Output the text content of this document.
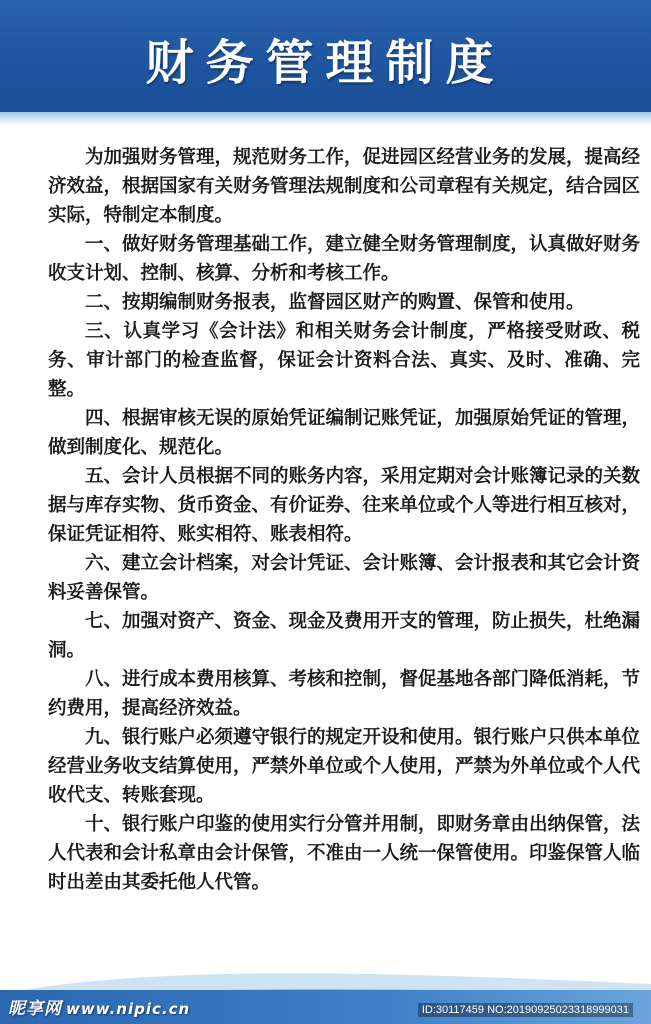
财务管理制度

为加强财务管理，规范财务工作，促进园区经营业务的发展，提高经济效益，根据国家有关财务管理法规制度和公司章程有关规定，结合园区实际，特制定本制度。

一、做好财务管理基础工作，建立健全财务管理制度，认真做好财务收支计划、控制、核算、分析和考核工作。

二、按期编制财务报表，监督园区财产的购置、保管和使用。

三、认真学习《会计法》和相关财务会计制度，严格接受财政、税务、审计部门的检查监督，保证会计资料合法、真实、及时、准确、完整。

四、根据审核无误的原始凭证编制记账凭证，加强原始凭证的管理，做到制度化、规范化。

五、会计人员根据不同的账务内容，采用定期对会计账簿记录的关数据与库存实物、货币资金、有价证券、往来单位或个人等进行相互核对，保证凭证相符、账实相符、账表相符。

六、建立会计档案，对会计凭证、会计账簿、会计报表和其它会计资料妥善保管。

七、加强对资产、资金、现金及费用开支的管理，防止损失，杜绝漏洞。

八、进行成本费用核算、考核和控制，督促基地各部门降低消耗，节约费用，提高经济效益。

九、银行账户必须遵守银行的规定开设和使用。银行账户只供本单位经营业务收支结算使用，严禁外单位或个人使用，严禁为外单位或个人代收代支、转账套现。

十、银行账户印鉴的使用实行分管并用制，即财务章由出纳保管，法人代表和会计私章由会计保管，不准由一人统一保管使用。印鉴保管人临时出差由其委托他人代管。

昵享网 www.nipic.cn	ID:30117459 NO:20190925023318999031
